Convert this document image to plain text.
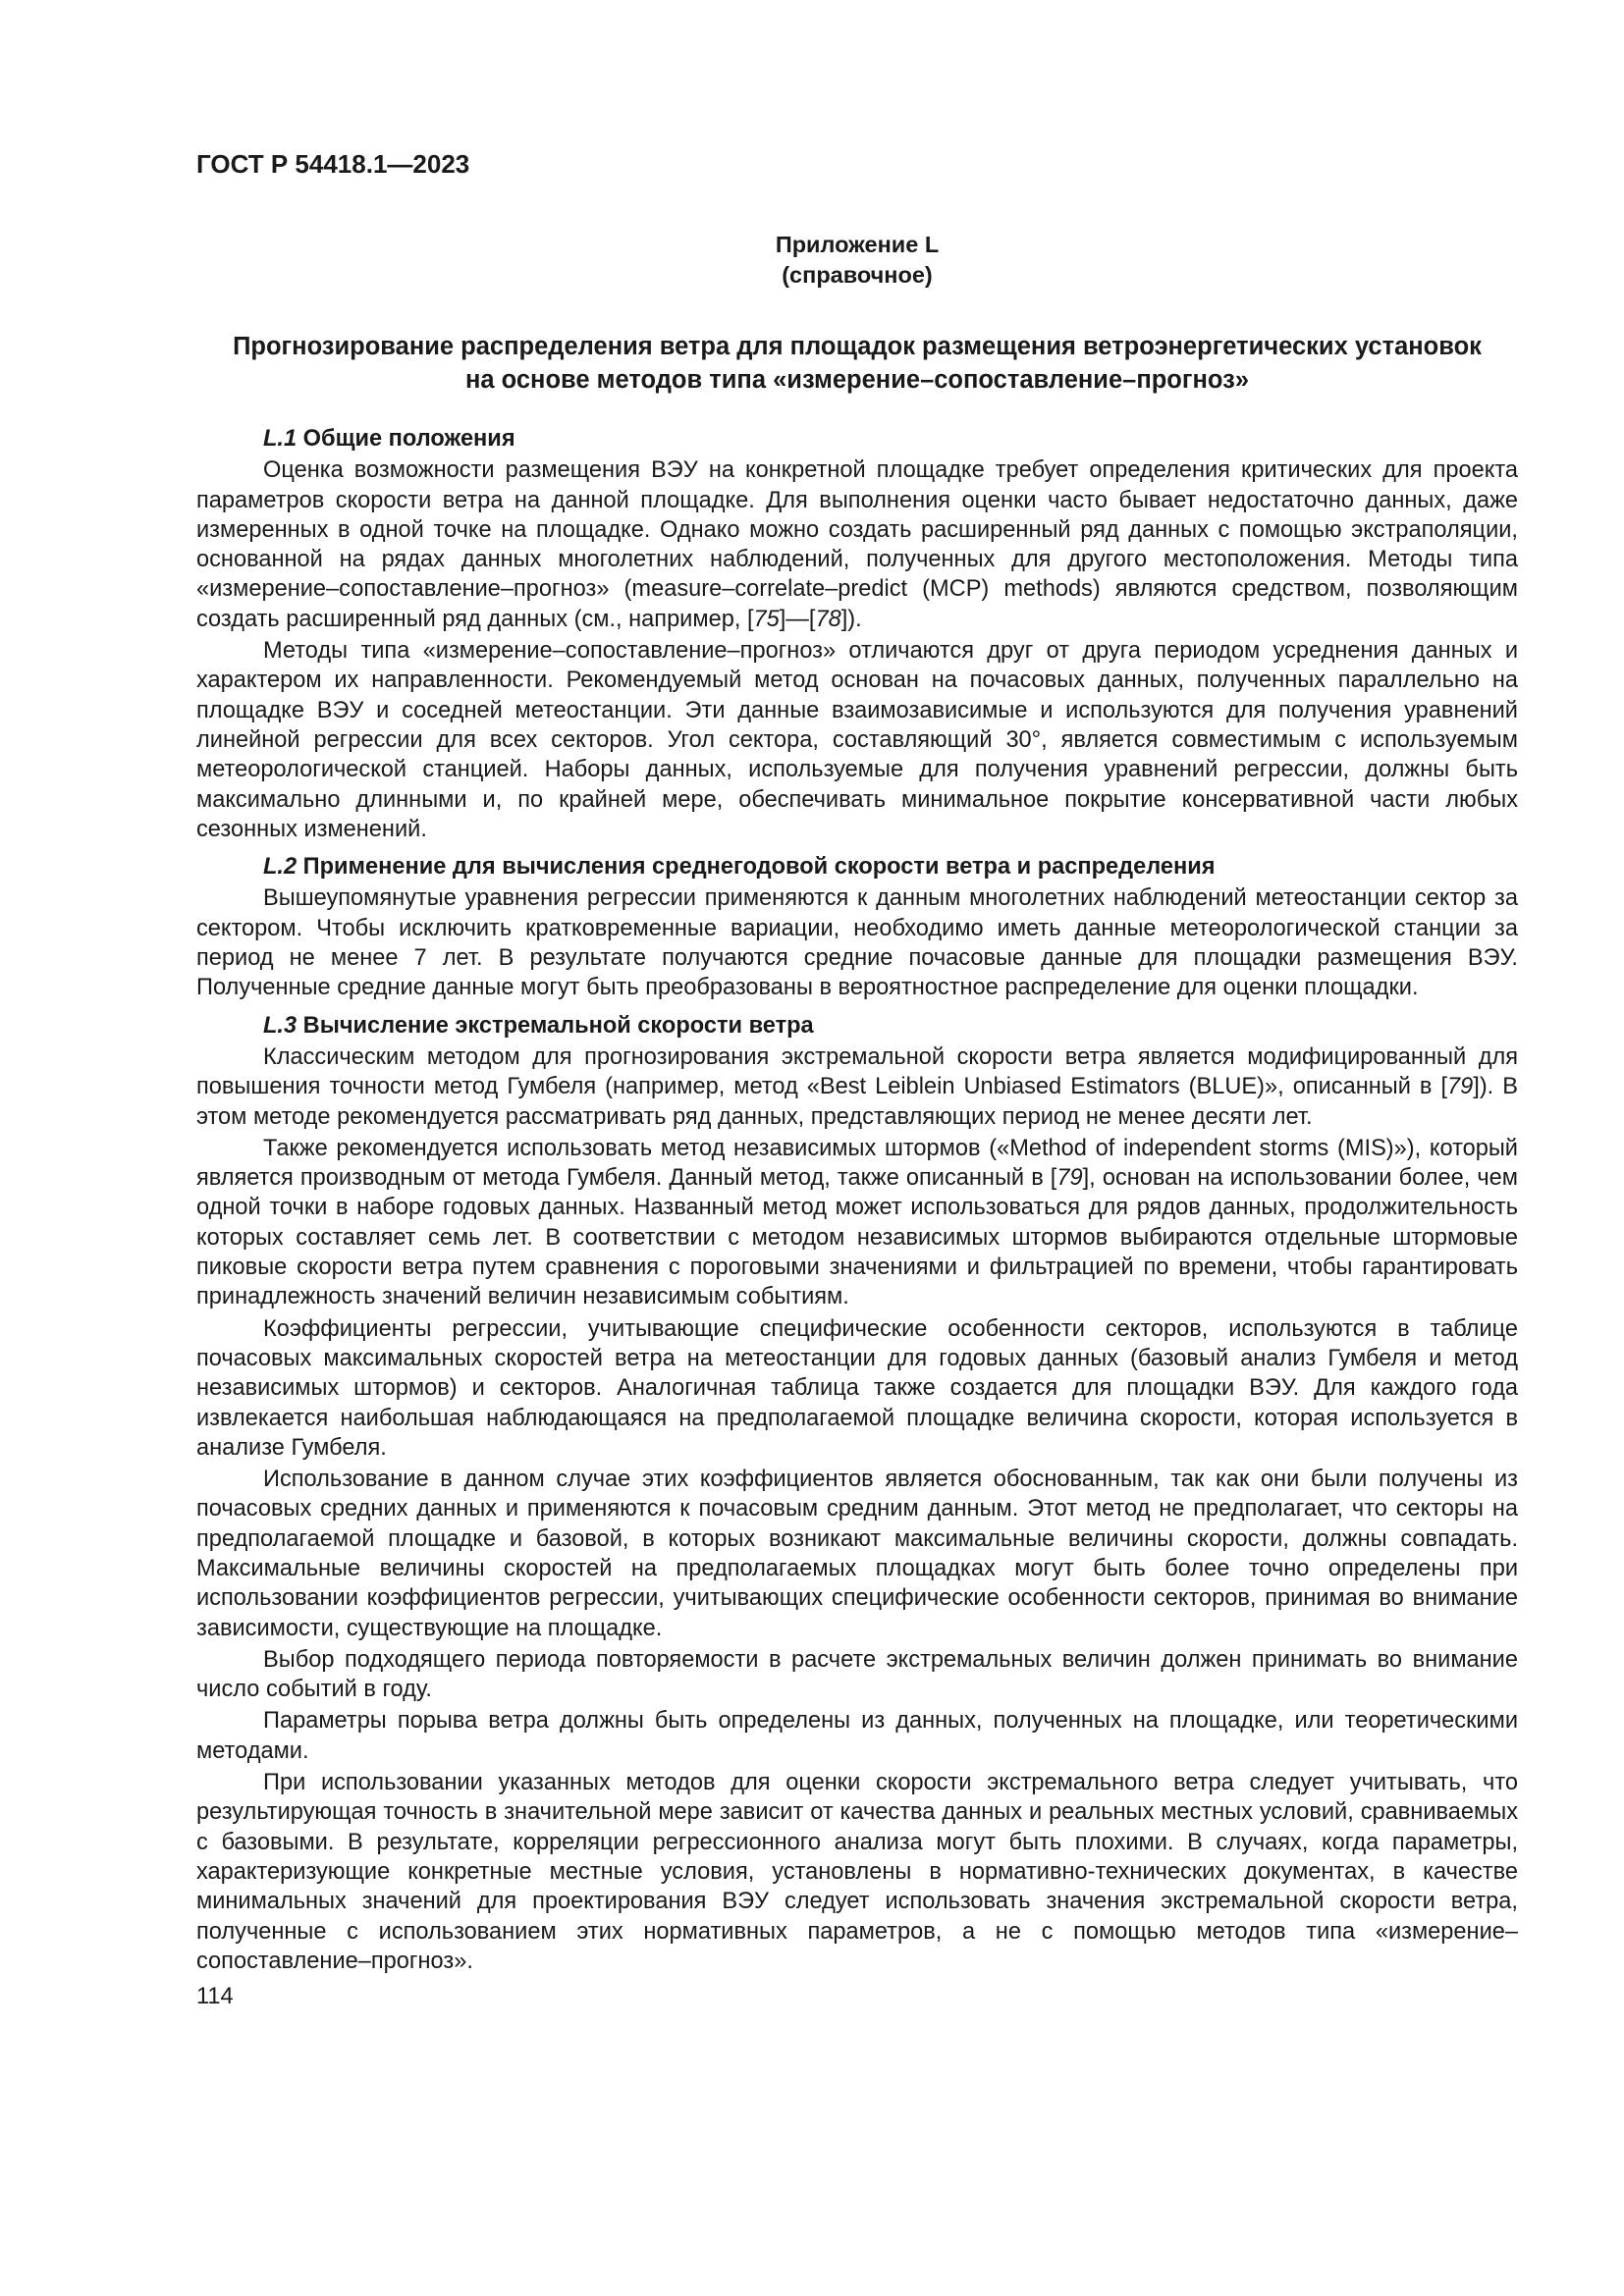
ГОСТ Р 54418.1—2023
Приложение L
(справочное)
Прогнозирование распределения ветра для площадок размещения ветроэнергетических установок на основе методов типа «измерение–сопоставление–прогноз»
L.1 Общие положения

Оценка возможности размещения ВЭУ на конкретной площадке требует определения критических для проекта параметров скорости ветра на данной площадке. Для выполнения оценки часто бывает недостаточно данных, даже измеренных в одной точке на площадке. Однако можно создать расширенный ряд данных с помощью экстраполяции, основанной на рядах данных многолетних наблюдений, полученных для другого местоположения. Методы типа «измерение–сопоставление–прогноз» (measure–correlate–predict (MCP) methods) являются средством, позволяющим создать расширенный ряд данных (см., например, [75]—[78]).

Методы типа «измерение–сопоставление–прогноз» отличаются друг от друга периодом усреднения данных и характером их направленности. Рекомендуемый метод основан на почасовых данных, полученных параллельно на площадке ВЭУ и соседней метеостанции. Эти данные взаимозависимые и используются для получения уравнений линейной регрессии для всех секторов. Угол сектора, составляющий 30°, является совместимым с используемым метеорологической станцией. Наборы данных, используемые для получения уравнений регрессии, должны быть максимально длинными и, по крайней мере, обеспечивать минимальное покрытие консервативной части любых сезонных изменений.

L.2 Применение для вычисления среднегодовой скорости ветра и распределения

Вышеупомянутые уравнения регрессии применяются к данным многолетних наблюдений метеостанции сектор за сектором. Чтобы исключить кратковременные вариации, необходимо иметь данные метеорологической станции за период не менее 7 лет. В результате получаются средние почасовые данные для площадки размещения ВЭУ. Полученные средние данные могут быть преобразованы в вероятностное распределение для оценки площадки.

L.3 Вычисление экстремальной скорости ветра

Классическим методом для прогнозирования экстремальной скорости ветра является модифицированный для повышения точности метод Гумбеля (например, метод «Best Leiblein Unbiased Estimators (BLUE)», описанный в [79]). В этом методе рекомендуется рассматривать ряд данных, представляющих период не менее десяти лет.

Также рекомендуется использовать метод независимых штормов («Method of independent storms (MIS)»), который является производным от метода Гумбеля. Данный метод, также описанный в [79], основан на использовании более, чем одной точки в наборе годовых данных. Названный метод может использоваться для рядов данных, продолжительность которых составляет семь лет. В соответствии с методом независимых штормов выбираются отдельные штормовые пиковые скорости ветра путем сравнения с пороговыми значениями и фильтрацией по времени, чтобы гарантировать принадлежность значений величин независимым событиям.

Коэффициенты регрессии, учитывающие специфические особенности секторов, используются в таблице почасовых максимальных скоростей ветра на метеостанции для годовых данных (базовый анализ Гумбеля и метод независимых штормов) и секторов. Аналогичная таблица также создается для площадки ВЭУ. Для каждого года извлекается наибольшая наблюдающаяся на предполагаемой площадке величина скорости, которая используется в анализе Гумбеля.

Использование в данном случае этих коэффициентов является обоснованным, так как они были получены из почасовых средних данных и применяются к почасовым средним данным. Этот метод не предполагает, что секторы на предполагаемой площадке и базовой, в которых возникают максимальные величины скорости, должны совпадать. Максимальные величины скоростей на предполагаемых площадках могут быть более точно определены при использовании коэффициентов регрессии, учитывающих специфические особенности секторов, принимая во внимание зависимости, существующие на площадке.

Выбор подходящего периода повторяемости в расчете экстремальных величин должен принимать во внимание число событий в году.

Параметры порыва ветра должны быть определены из данных, полученных на площадке, или теоретическими методами.

При использовании указанных методов для оценки скорости экстремального ветра следует учитывать, что результирующая точность в значительной мере зависит от качества данных и реальных местных условий, сравниваемых с базовыми. В результате, корреляции регрессионного анализа могут быть плохими. В случаях, когда параметры, характеризующие конкретные местные условия, установлены в нормативно-технических документах, в качестве минимальных значений для проектирования ВЭУ следует использовать значения экстремальной скорости ветра, полученные с использованием этих нормативных параметров, а не с помощью методов типа «измерение–сопоставление–прогноз».

114
